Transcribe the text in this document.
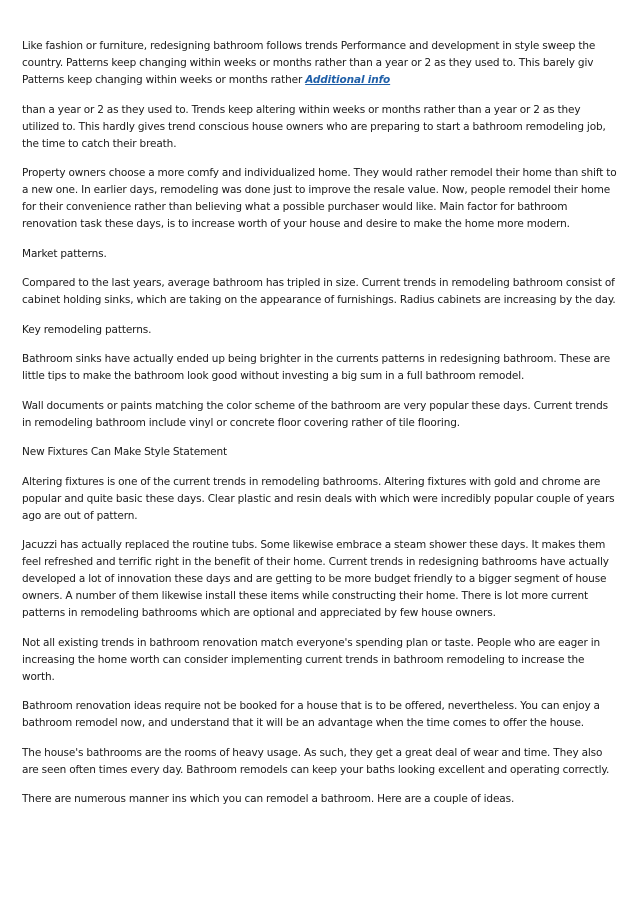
Like fashion or furniture, redesigning bathroom follows trends Performance and development in style sweep the country. Patterns keep changing within weeks or months rather than a year or 2 as they used to. This barely giv Patterns keep changing within weeks or months rather Additional info

than a year or 2 as they used to. Trends keep altering within weeks or months rather than a year or 2 as they utilized to. This hardly gives trend conscious house owners who are preparing to start a bathroom remodeling job, the time to catch their breath.

Property owners choose a more comfy and individualized home. They would rather remodel their home than shift to a new one. In earlier days, remodeling was done just to improve the resale value. Now, people remodel their home for their convenience rather than believing what a possible purchaser would like. Main factor for bathroom renovation task these days, is to increase worth of your house and desire to make the home more modern.

Market patterns.

Compared to the last years, average bathroom has tripled in size. Current trends in remodeling bathroom consist of cabinet holding sinks, which are taking on the appearance of furnishings. Radius cabinets are increasing by the day.

Key remodeling patterns.

Bathroom sinks have actually ended up being brighter in the currents patterns in redesigning bathroom. These are little tips to make the bathroom look good without investing a big sum in a full bathroom remodel.

Wall documents or paints matching the color scheme of the bathroom are very popular these days. Current trends in remodeling bathroom include vinyl or concrete floor covering rather of tile flooring.

New Fixtures Can Make Style Statement

Altering fixtures is one of the current trends in remodeling bathrooms. Altering fixtures with gold and chrome are popular and quite basic these days. Clear plastic and resin deals with which were incredibly popular couple of years ago are out of pattern.

Jacuzzi has actually replaced the routine tubs. Some likewise embrace a steam shower these days. It makes them feel refreshed and terrific right in the benefit of their home. Current trends in redesigning bathrooms have actually developed a lot of innovation these days and are getting to be more budget friendly to a bigger segment of house owners. A number of them likewise install these items while constructing their home. There is lot more current patterns in remodeling bathrooms which are optional and appreciated by few house owners.

Not all existing trends in bathroom renovation match everyone's spending plan or taste. People who are eager in increasing the home worth can consider implementing current trends in bathroom remodeling to increase the worth.

Bathroom renovation ideas require not be booked for a house that is to be offered, nevertheless. You can enjoy a bathroom remodel now, and understand that it will be an advantage when the time comes to offer the house.

The house's bathrooms are the rooms of heavy usage. As such, they get a great deal of wear and time. They also are seen often times every day. Bathroom remodels can keep your baths looking excellent and operating correctly.

There are numerous manner ins which you can remodel a bathroom. Here are a couple of ideas.
